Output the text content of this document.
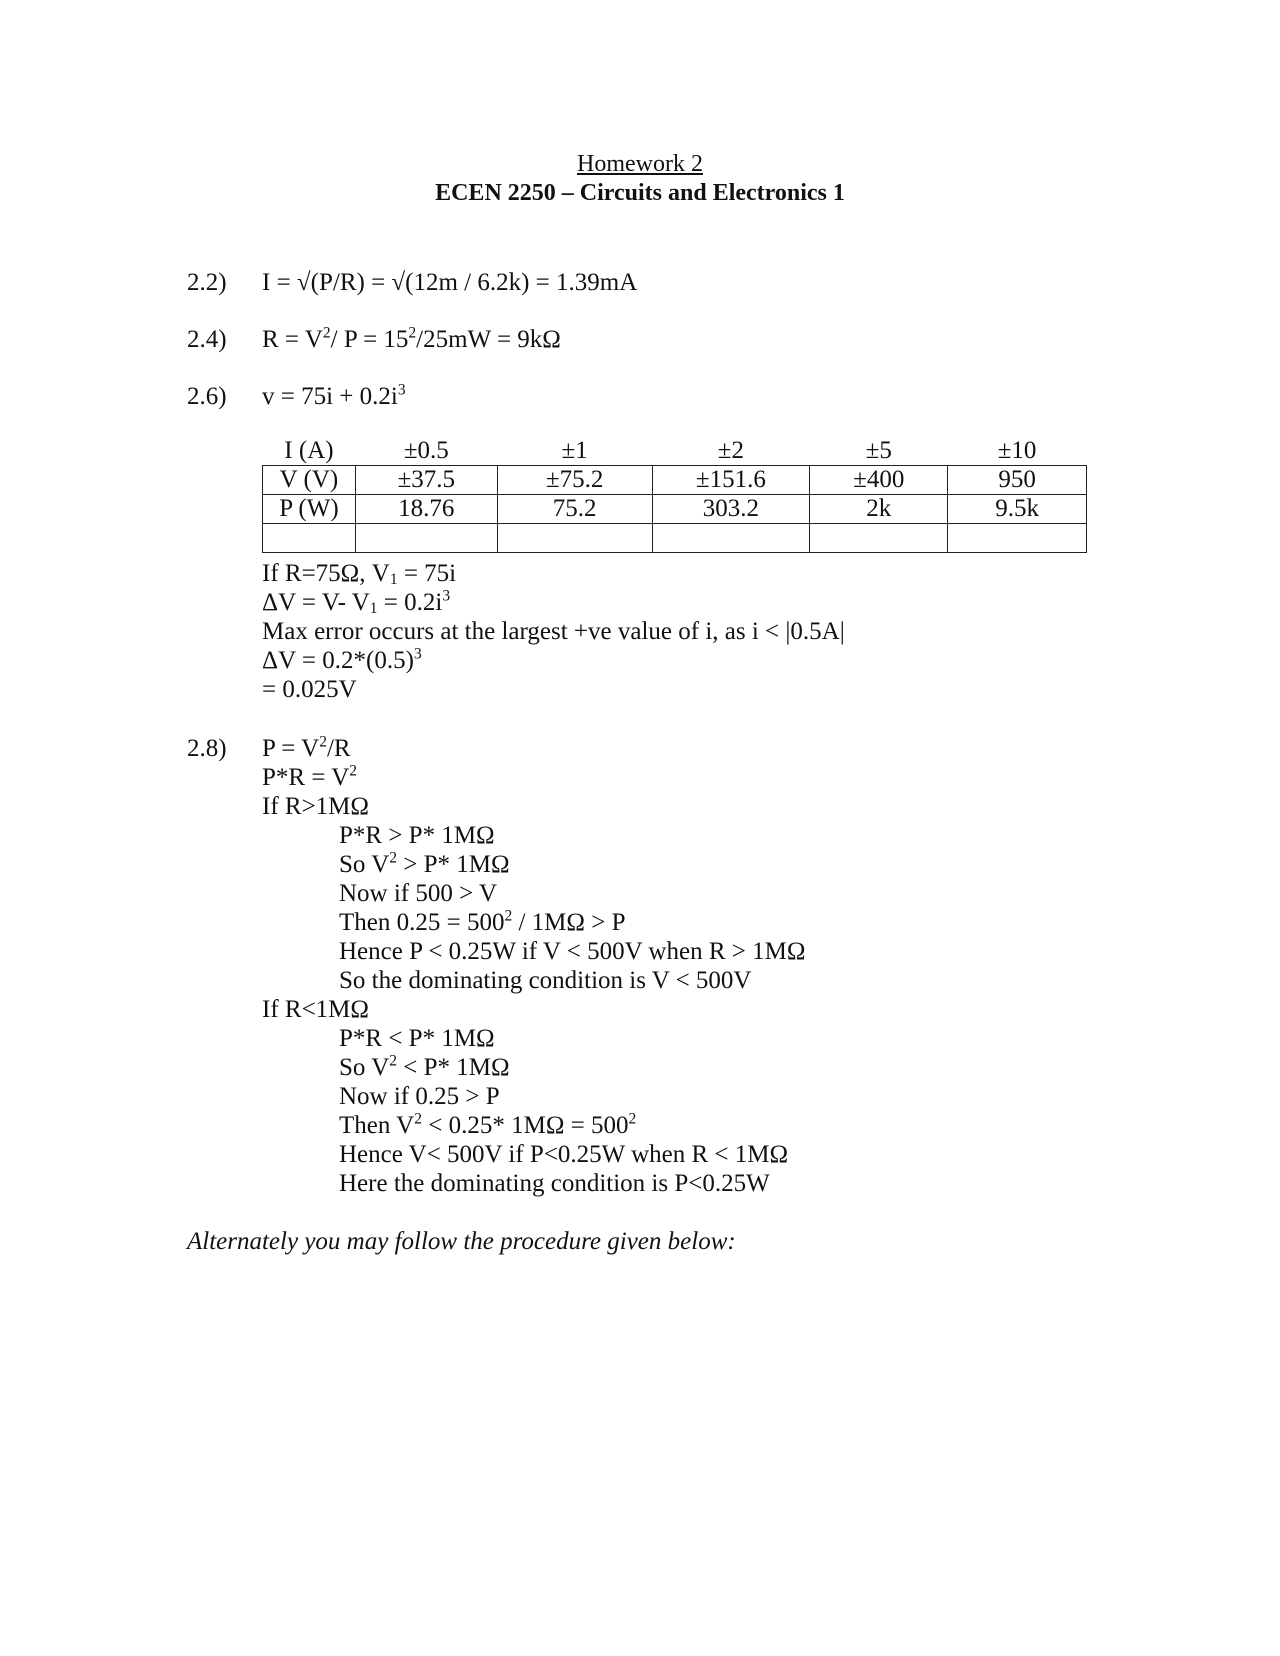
Homework 2
ECEN 2250 – Circuits and Electronics 1
2.2) I = √(P/R) = √(12m / 6.2k) = 1.39mA
2.4) $R = V^2/$ $P = 15^2/25mW = 9k\Omega$
2.6) $v = 75i + 0.2i^3$
I (A)	±0.5	±1	±2	±5	±10
V (V)	±37.5	±75.2	±151.6	±400	950
P (W)	18.76	75.2	303.2	2k	9.5k

If R=75Ω, $V_1 = 75i$
ΔV = V- $V_1 = 0.2i^3$
Max error occurs at the largest +ve value of i, as i < |0.5A|
$\Delta V = 0.2*(0.5)^3$
= 0.025V
2.8) $P = V^2/R$
$P*R = V^2$
If R>1MΩ
P*R > P* 1MΩ
So $V^2 > P*$ 1MΩ
Now if 500 > V
Then $0.25 = 500^2 / 1M\Omega > P$
Hence P < 0.25W if V < 500V when R > 1MΩ
So the dominating condition is V < 500V
If R<1MΩ
P*R < P* 1MΩ
So $V^2 < P*$ 1MΩ
Now if 0.25 > P
Then $V^2 < 0.25*$ $1M\Omega = 500^2$
Hence V< 500V if P<0.25W when R < 1MΩ
Here the dominating condition is P<0.25W
Alternately you may follow the procedure given below:
